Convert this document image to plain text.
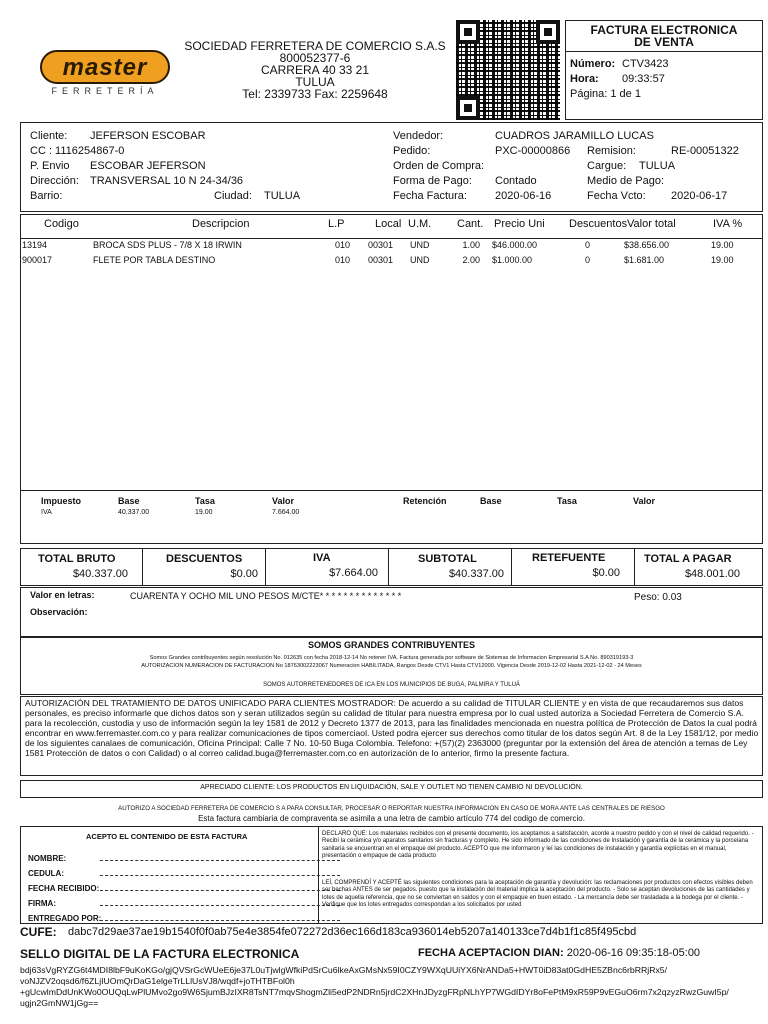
master
FERRETERÍA
SOCIEDAD FERRETERA DE COMERCIO S.A.S
800052377-6
CARRERA 40 33 21
TULUA
Tel: 2339733 Fax: 2259648
FACTURA ELECTRONICA
DE VENTA
Número: CTV3423
Hora: 09:33:57
Página: 1 de 1
Cliente: JEFERSON ESCOBAR
CC : 1116254867-0
P. Envio ESCOBAR JEFERSON
Dirección: TRANSVERSAL 10 N 24-34/36
Barrio:	Ciudad: TULUA
Vendedor:	CUADROS JARAMILLO LUCAS
Pedido:	PXC-00000866 Remision:	RE-00051322
Orden de Compra:	Cargue: TULUA
Forma de Pago: Contado	Medio de Pago:
Fecha Factura:	2020-06-16	Fecha Vcto: 2020-06-17
Codigo	Descripcion	L.P	Local U.M. Cant. Precio Uni Descuentos Valor total	IVA %
13194	BROCA SDS PLUS - 7/8 X 18 IRWIN	010 00301 UND	1.00 $46.000.00	0	$38.656.00	19.00
900017	FLETE POR TABLA DESTINO	010 00301 UND	2.00 $1.000.00	0	$1.681.00	19.00
Impuesto	Base	Tasa	Valor	Retención	Base	Tasa	Valor
IVA	40.337.00	19.00	7.664.00
TOTAL BRUTO
$40.337.00
DESCUENTOS
$0.00
IVA
$7.664.00
SUBTOTAL
$40.337.00
RETEFUENTE
$0.00
TOTAL A PAGAR
$48.001.00
Valor en letras:	CUARENTA Y OCHO MIL UNO PESOS M/CTE* * * * * * * * * * * * * *	Peso: 0.03
Observación:
SOMOS GRANDES CONTRIBUYENTES
Somos Grandes contribuyentes según resolución No. 012635 con fecha 2018-12-14 No retener IVA. Factura generada por software de Sistemas de Informacion Empresarial S.A No. 890319193-3
AUTORIZACION NUMERACION DE FACTURACION No 18763002223067 Numeracion HABILITADA, Rangos Desde CTV1 Hasta CTV12000. Vigencia Desde 2019-12-02 Hasta 2021-12-02 - 24 Meses
SOMOS AUTORRETENEDORES DE ICA EN LOS MUNICIPIOS DE BUGA, PALMIRA Y TULUÁ
AUTORIZACIÓN DEL TRATAMIENTO DE DATOS UNIFICADO PARA CLIENTES MOSTRADOR: De acuerdo a su calidad de TITULAR CLIENTE y en vista de que recaudaremos sus datos personales, es preciso informarle que dichos datos son y seran utilizados según su calidad de titular para nuestra empresa por lo cual usted autoriza a Sociedad Ferretera de Comercio S.A. para la recolección, custodia y uso de información según la ley 1581 de 2012 y Decreto 1377 de 2013, para las finalidades mencionada en nuestra política de Protección de Datos la cual podrá encontrar en www.ferremaster.com.co y para realizar comunicaciones de tipos comerciaol. Usted podra ejercer sus derechos como titular de los datos según Art. 8 de la Ley 1581/12, por medio de los siguientes canalaes de comunicación, Oficina Principal: Calle 7 No. 10-50 Buga Colombia. Telefono: +(57)(2) 2363000 (preguntar por la extensión del área de atención a temas de Ley 1581 Protección de datos o con Calidad) o al correo calidad.buga@ferremaster.com.co en autorización de lo anterior, firmo la presente factura.
APRECIADO CLIENTE: LOS PRODUCTOS EN LIQUIDACIÓN, SALE Y OUTLET NO TIENEN CAMBIO NI DEVOLUCIÓN.
AUTORIZO A SOCIEDAD FERRETERA DE COMERCIO S A PARA CONSULTAR, PROCESAR O REPORTAR NUESTRA INFORMACION EN CASO DE MORA ANTE LAS CENTRALES DE RIESGO
Esta factura cambiaria de compraventa se asimila a una letra de cambio artículo 774 del codigo de comercio.
ACEPTO EL CONTENIDO DE ESTA FACTURA
NOMBRE:
CEDULA:
FECHA RECIBIDO:
FIRMA:
ENTREGADO POR:
DECLARO QUE: Los materiales recibidos con el presente documento, los aceptamos a satisfacción, acorde a nuestro pedido y con el nivel de calidad requerido. - Recibí la cerámica y/o aparatos sanitarios sin fracturas y completo. He sido informado de las condiciones de Instalación y garantía de la cerámica y la porcelana sanitaria se encuentran en el empaque del producto. ACEPTO que me informaron y leí las condiciones de instalación y garantía explícitas en el manual, presentación o empaque de cada producto
LEÍ, COMPRENDÍ Y ACEPTÉ las siguientes condiciones para la aceptación de garantía y devolución: las reclamaciones por productos con efectos visibles deben ser hechas ANTES de ser pegados. puesto que la instalación del material implica la aceptación del producto. - Solo se aceptan devoluciones de las cantidades y lotes de aquella referencia, que no se conviertan en saldos y con el empaque en buen estado. - La mercancía debe ser trasladada a la bodega por el cliente. - Verifique que los lotes entregados correspondan a los solicitados por usted
CUFE: dabc7d29ae37ae19b1540f0f0ab75e4e3854fe072272d36ec166d183ca936014eb5207a140133ce7d4b1f1c85f495cbd
SELLO DIGITAL DE LA FACTURA ELECTRONICA	FECHA ACEPTACION DIAN: 2020-06-16 09:35:18-05:00
bdj63sVgRYZG6t4MDI8lbF9uKoKGo/gjQVSrGcWUeE6je37L0uTjwlgWfkiPdSrCu6lkeAxGMsNx59I0CZY9WXqUUiYX6NrANDa5+HWT0iD83at0GdHE5ZBnc6rbRRjRx5/
voNJZV2oqsd6/f6ZLjIUOmQrDaG1elgeTrLLlUsVJ8/wqdf+joTHTBFol0h
+gUcwlmDdUnKWo0OUQqLwPlUMvo2go9W6SjumBJzIXR8TsNT7mqvShogmZli5edP2NDRn5jrdC2XHnJDyzgFRpNLhYP7WGdIDYr8oFePtM9xR59P9vEGuO6rm7x2qzyzRwzGuwI5p/
ugjn2GmNW1jGg==
